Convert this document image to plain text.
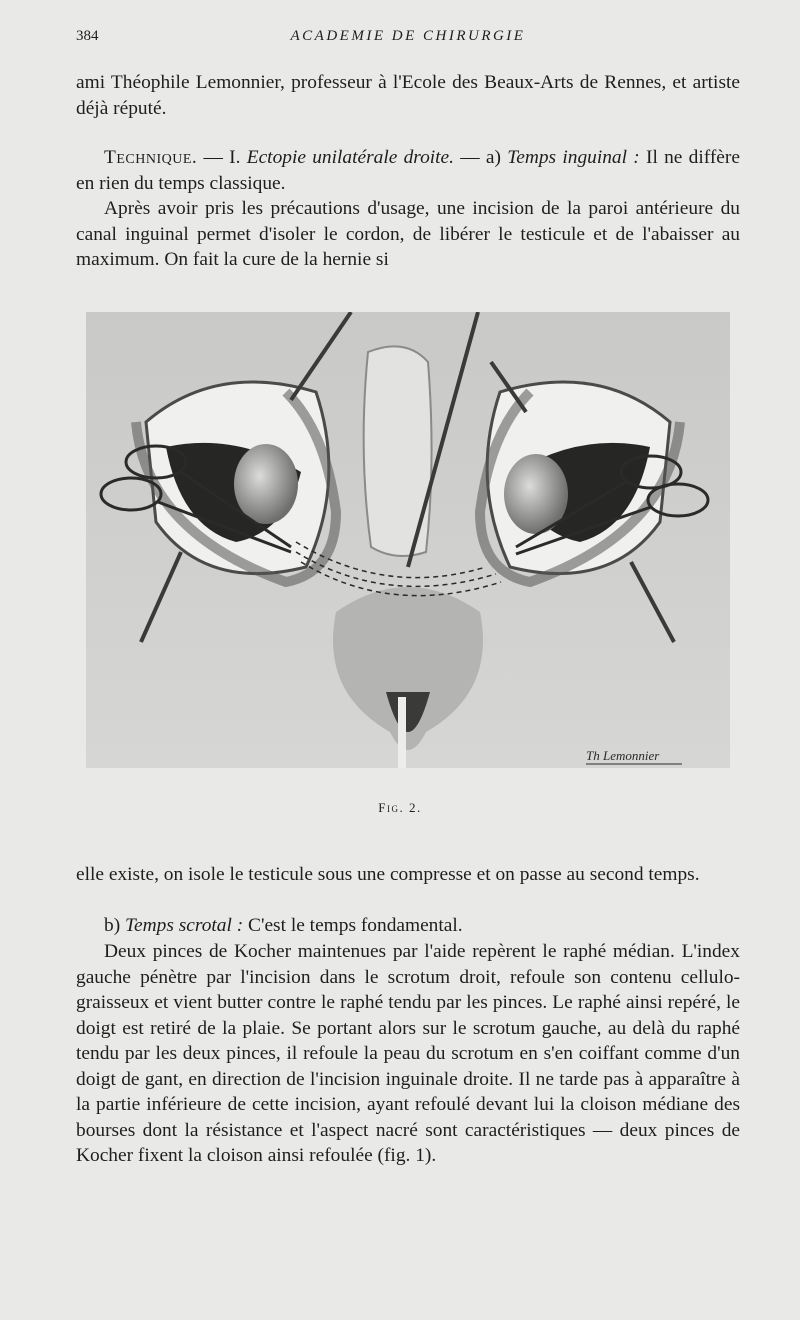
384	ACADEMIE DE CHIRURGIE

ami Théophile Lemonnier, professeur à l'Ecole des Beaux-Arts de Rennes, et artiste déjà réputé.

Technique. — I. Ectopie unilatérale droite. — a) Temps inguinal : Il ne diffère en rien du temps classique.

Après avoir pris les précautions d'usage, une incision de la paroi antérieure du canal inguinal permet d'isoler le cordon, de libérer le testicule et de l'abaisser au maximum. On fait la cure de la hernie si

Th Lemonnier
Fig. 2.

elle existe, on isole le testicule sous une compresse et on passe au second temps.

b) Temps scrotal : C'est le temps fondamental.

Deux pinces de Kocher maintenues par l'aide repèrent le raphé médian. L'index gauche pénètre par l'incision dans le scrotum droit, refoule son contenu cellulo-graisseux et vient butter contre le raphé tendu par les pinces. Le raphé ainsi repéré, le doigt est retiré de la plaie. Se portant alors sur le scrotum gauche, au delà du raphé tendu par les deux pinces, il refoule la peau du scrotum en s'en coiffant comme d'un doigt de gant, en direction de l'incision inguinale droite. Il ne tarde pas à apparaître à la partie inférieure de cette incision, ayant refoulé devant lui la cloison médiane des bourses dont la résistance et l'aspect nacré sont caractéristiques — deux pinces de Kocher fixent la cloison ainsi refoulée (fig. 1).
